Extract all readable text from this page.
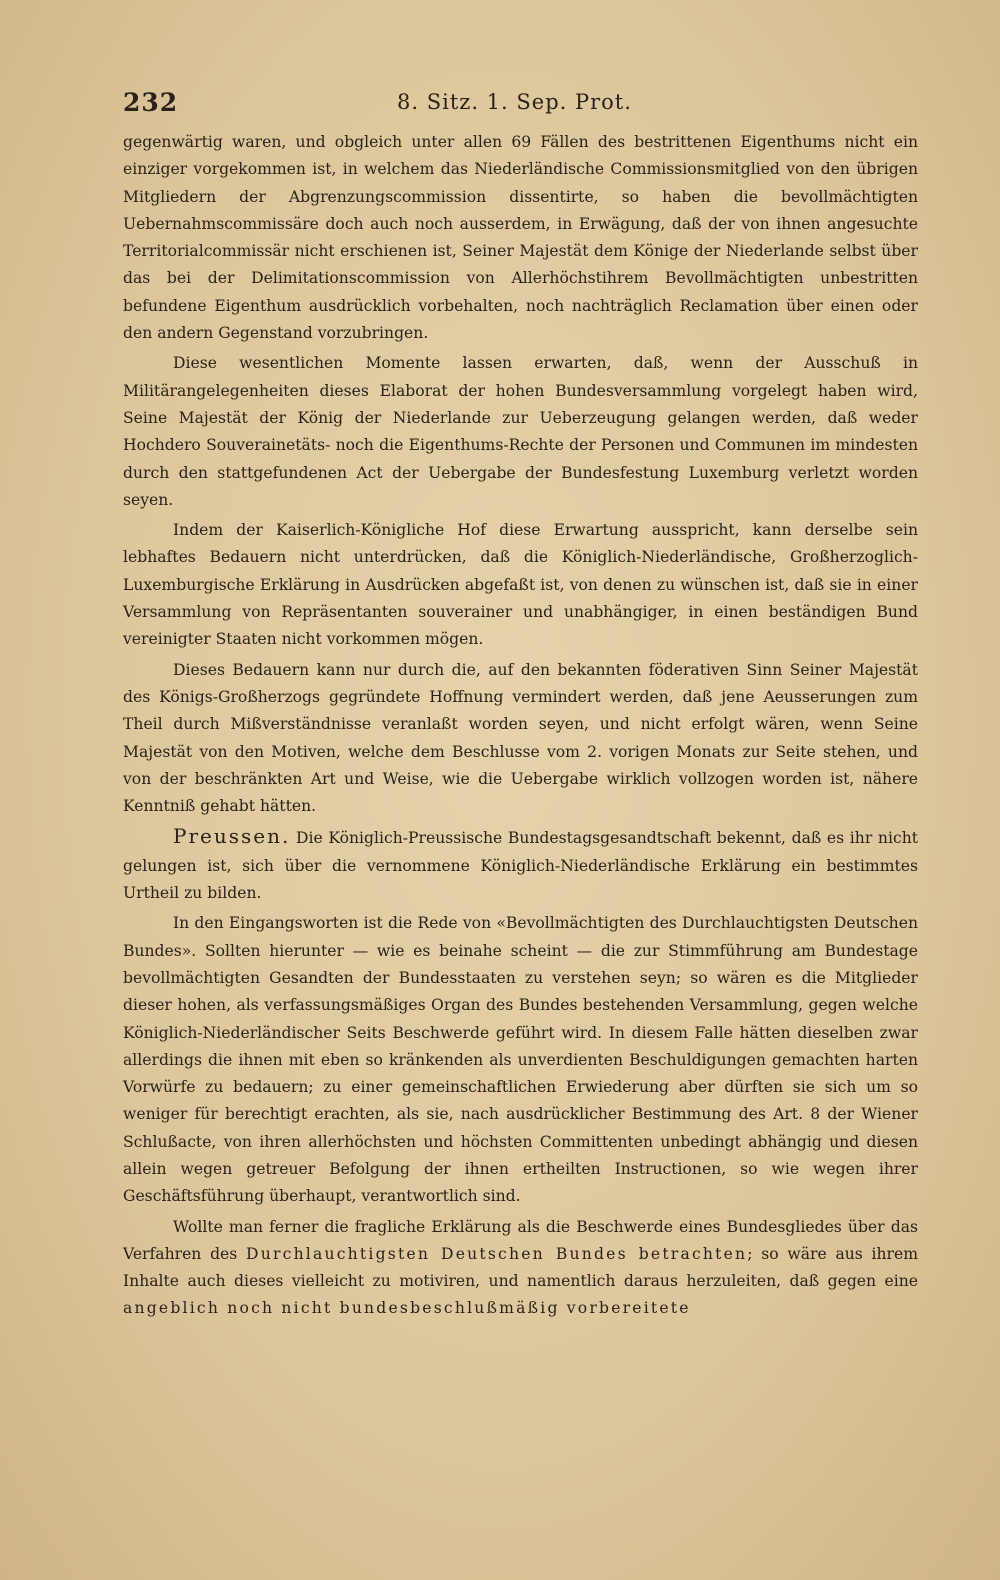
232	8. Sitz. 1. Sep. Prot.

gegenwärtig waren, und obgleich unter allen 69 Fällen des bestrittenen Eigenthums nicht ein einziger vorgekommen ist, in welchem das Niederländische Commissionsmitglied von den übrigen Mitgliedern der Abgrenzungscommission dissentirte, so haben die bevollmächtigten Uebernahmscommissäre doch auch noch ausserdem, in Erwägung, daß der von ihnen angesuchte Territorialcommissär nicht erschienen ist, Seiner Majestät dem Könige der Niederlande selbst über das bei der Delimitationscommission von Allerhöchstihrem Bevollmächtigten unbestritten befundene Eigenthum ausdrücklich vorbehalten, noch nachträglich Reclamation über einen oder den andern Gegenstand vorzubringen.

Diese wesentlichen Momente lassen erwarten, daß, wenn der Ausschuß in Militärangelegenheiten dieses Elaborat der hohen Bundesversammlung vorgelegt haben wird, Seine Majestät der König der Niederlande zur Ueberzeugung gelangen werden, daß weder Hochdero Souverainetäts- noch die Eigenthums-Rechte der Personen und Communen im mindesten durch den stattgefundenen Act der Uebergabe der Bundesfestung Luxemburg verletzt worden seyen.

Indem der Kaiserlich-Königliche Hof diese Erwartung ausspricht, kann derselbe sein lebhaftes Bedauern nicht unterdrücken, daß die Königlich-Niederländische, Großherzoglich-Luxemburgische Erklärung in Ausdrücken abgefaßt ist, von denen zu wünschen ist, daß sie in einer Versammlung von Repräsentanten souverainer und unabhängiger, in einen beständigen Bund vereinigter Staaten nicht vorkommen mögen.

Dieses Bedauern kann nur durch die, auf den bekannten föderativen Sinn Seiner Majestät des Königs-Großherzogs gegründete Hoffnung vermindert werden, daß jene Aeusserungen zum Theil durch Mißverständnisse veranlaßt worden seyen, und nicht erfolgt wären, wenn Seine Majestät von den Motiven, welche dem Beschlusse vom 2. vorigen Monats zur Seite stehen, und von der beschränkten Art und Weise, wie die Uebergabe wirklich vollzogen worden ist, nähere Kenntniß gehabt hätten.

Preussen. Die Königlich-Preussische Bundestagsgesandtschaft bekennt, daß es ihr nicht gelungen ist, sich über die vernommene Königlich-Niederländische Erklärung ein bestimmtes Urtheil zu bilden.

In den Eingangsworten ist die Rede von «Bevollmächtigten des Durchlauchtigsten Deutschen Bundes». Sollten hierunter — wie es beinahe scheint — die zur Stimmführung am Bundestage bevollmächtigten Gesandten der Bundesstaaten zu verstehen seyn; so wären es die Mitglieder dieser hohen, als verfassungsmäßiges Organ des Bundes bestehenden Versammlung, gegen welche Königlich-Niederländischer Seits Beschwerde geführt wird. In diesem Falle hätten dieselben zwar allerdings die ihnen mit eben so kränkenden als unverdienten Beschuldigungen gemachten harten Vorwürfe zu bedauern; zu einer gemeinschaftlichen Erwiederung aber dürften sie sich um so weniger für berechtigt erachten, als sie, nach ausdrücklicher Bestimmung des Art. 8 der Wiener Schlußacte, von ihren allerhöchsten und höchsten Committenten unbedingt abhängig und diesen allein wegen getreuer Befolgung der ihnen ertheilten Instructionen, so wie wegen ihrer Geschäftsführung überhaupt, verantwortlich sind.

Wollte man ferner die fragliche Erklärung als die Beschwerde eines Bundesgliedes über das Verfahren des Durchlauchtigsten Deutschen Bundes betrachten; so wäre aus ihrem Inhalte auch dieses vielleicht zu motiviren, und namentlich daraus herzuleiten, daß gegen eine angeblich noch nicht bundesbeschlußmäßig vorbereitete
